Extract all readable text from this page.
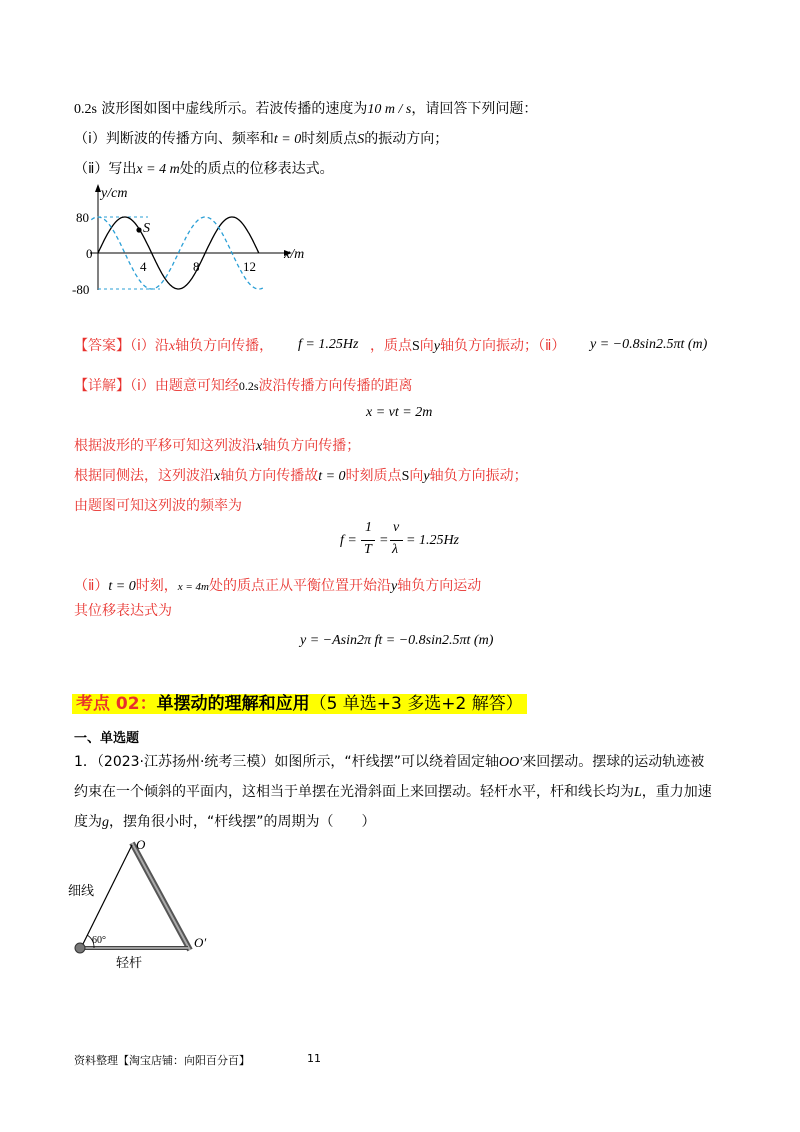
0.2s 波形图如图中虚线所示。若波传播的速度为10 m / s，请回答下列问题：
（ⅰ）判断波的传播方向、频率和t = 0时刻质点S的振动方向；
（ⅱ）写出x = 4 m处的质点的位移表达式。
S
y/cm
x/m
80
0
-80
4	8	12
【答案】（ⅰ）沿x轴负方向传播， f = 1.25Hz ，质点S向y轴负方向振动；（ⅱ） y = −0.8sin2.5πt (m)
【详解】（ⅰ）由题意可知经0.2s波沿传播方向传播的距离
x = vt = 2m
根据波形的平移可知这列波沿x轴负方向传播；
根据同侧法，这列波沿x轴负方向传播故t = 0时刻质点S向y轴负方向振动；
由题图可知这列波的频率为
f =
1
T
=
v
λ
= 1.25Hz
（ⅱ）t = 0时刻，x = 4m处的质点正从平衡位置开始沿y轴负方向运动
其位移表达式为
y = −Asin2π ft = −0.8sin2.5πt (m)
考点 02：单摆动的理解和应用（5 单选+3 多选+2 解答）
一、单选题
1．（2023·江苏扬州·统考三模）如图所示，“杆线摆”可以绕着固定轴OO′来回摆动。摆球的运动轨迹被
约束在一个倾斜的平面内，这相当于单摆在光滑斜面上来回摆动。轻杆水平，杆和线长均为L，重力加速
度为g，摆角很小时，“杆线摆”的周期为（　　）
60°
O
O′
细线
轻杆
资料整理【淘宝店铺：向阳百分百】	11
